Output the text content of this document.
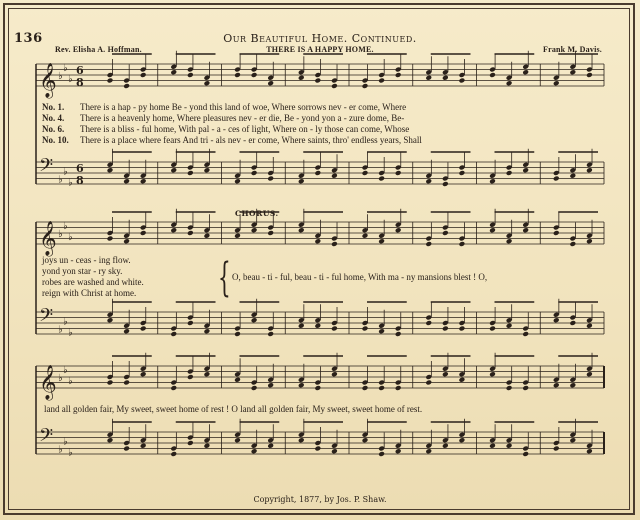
136	Our Beautiful Home. Continued.
Rev. Elisha A. Hoffman.	THERE IS A HAPPY HOME.	Frank M. Davis.
𝄞 ♭
♭
♭
6
8
𝄢 ♭
♭
♭
6
8
𝄞 ♭
♭
♭
𝄢 ♭
♭
♭
𝄞 ♭
♭
♭
𝄢 ♭
♭
♭
No. 1. There is a hap - py home Be - yond this land of woe, Where sorrows nev - er come, Where
No. 4. There is a heavenly home, Where pleasures nev - er die, Be - yond yon a - zure dome, Be-
No. 6. There is a bliss - ful home, With pal - a - ces of light, Where on - ly those can come, Whose
No. 10. There is a place where fears And tri - als nev - er come, Where saints, thro' endless years, Shall
CHORUS.
joys un - ceas - ing flow.
yond yon star - ry sky.
robes are washed and white.
reign with Christ at home. { O, beau - ti - ful, beau - ti - ful home, With ma - ny mansions blest ! O,
land all golden fair, My sweet, sweet home of rest ! O land all golden fair, My sweet, sweet home of rest.
Copyright, 1877, by Jos. P. Shaw.
